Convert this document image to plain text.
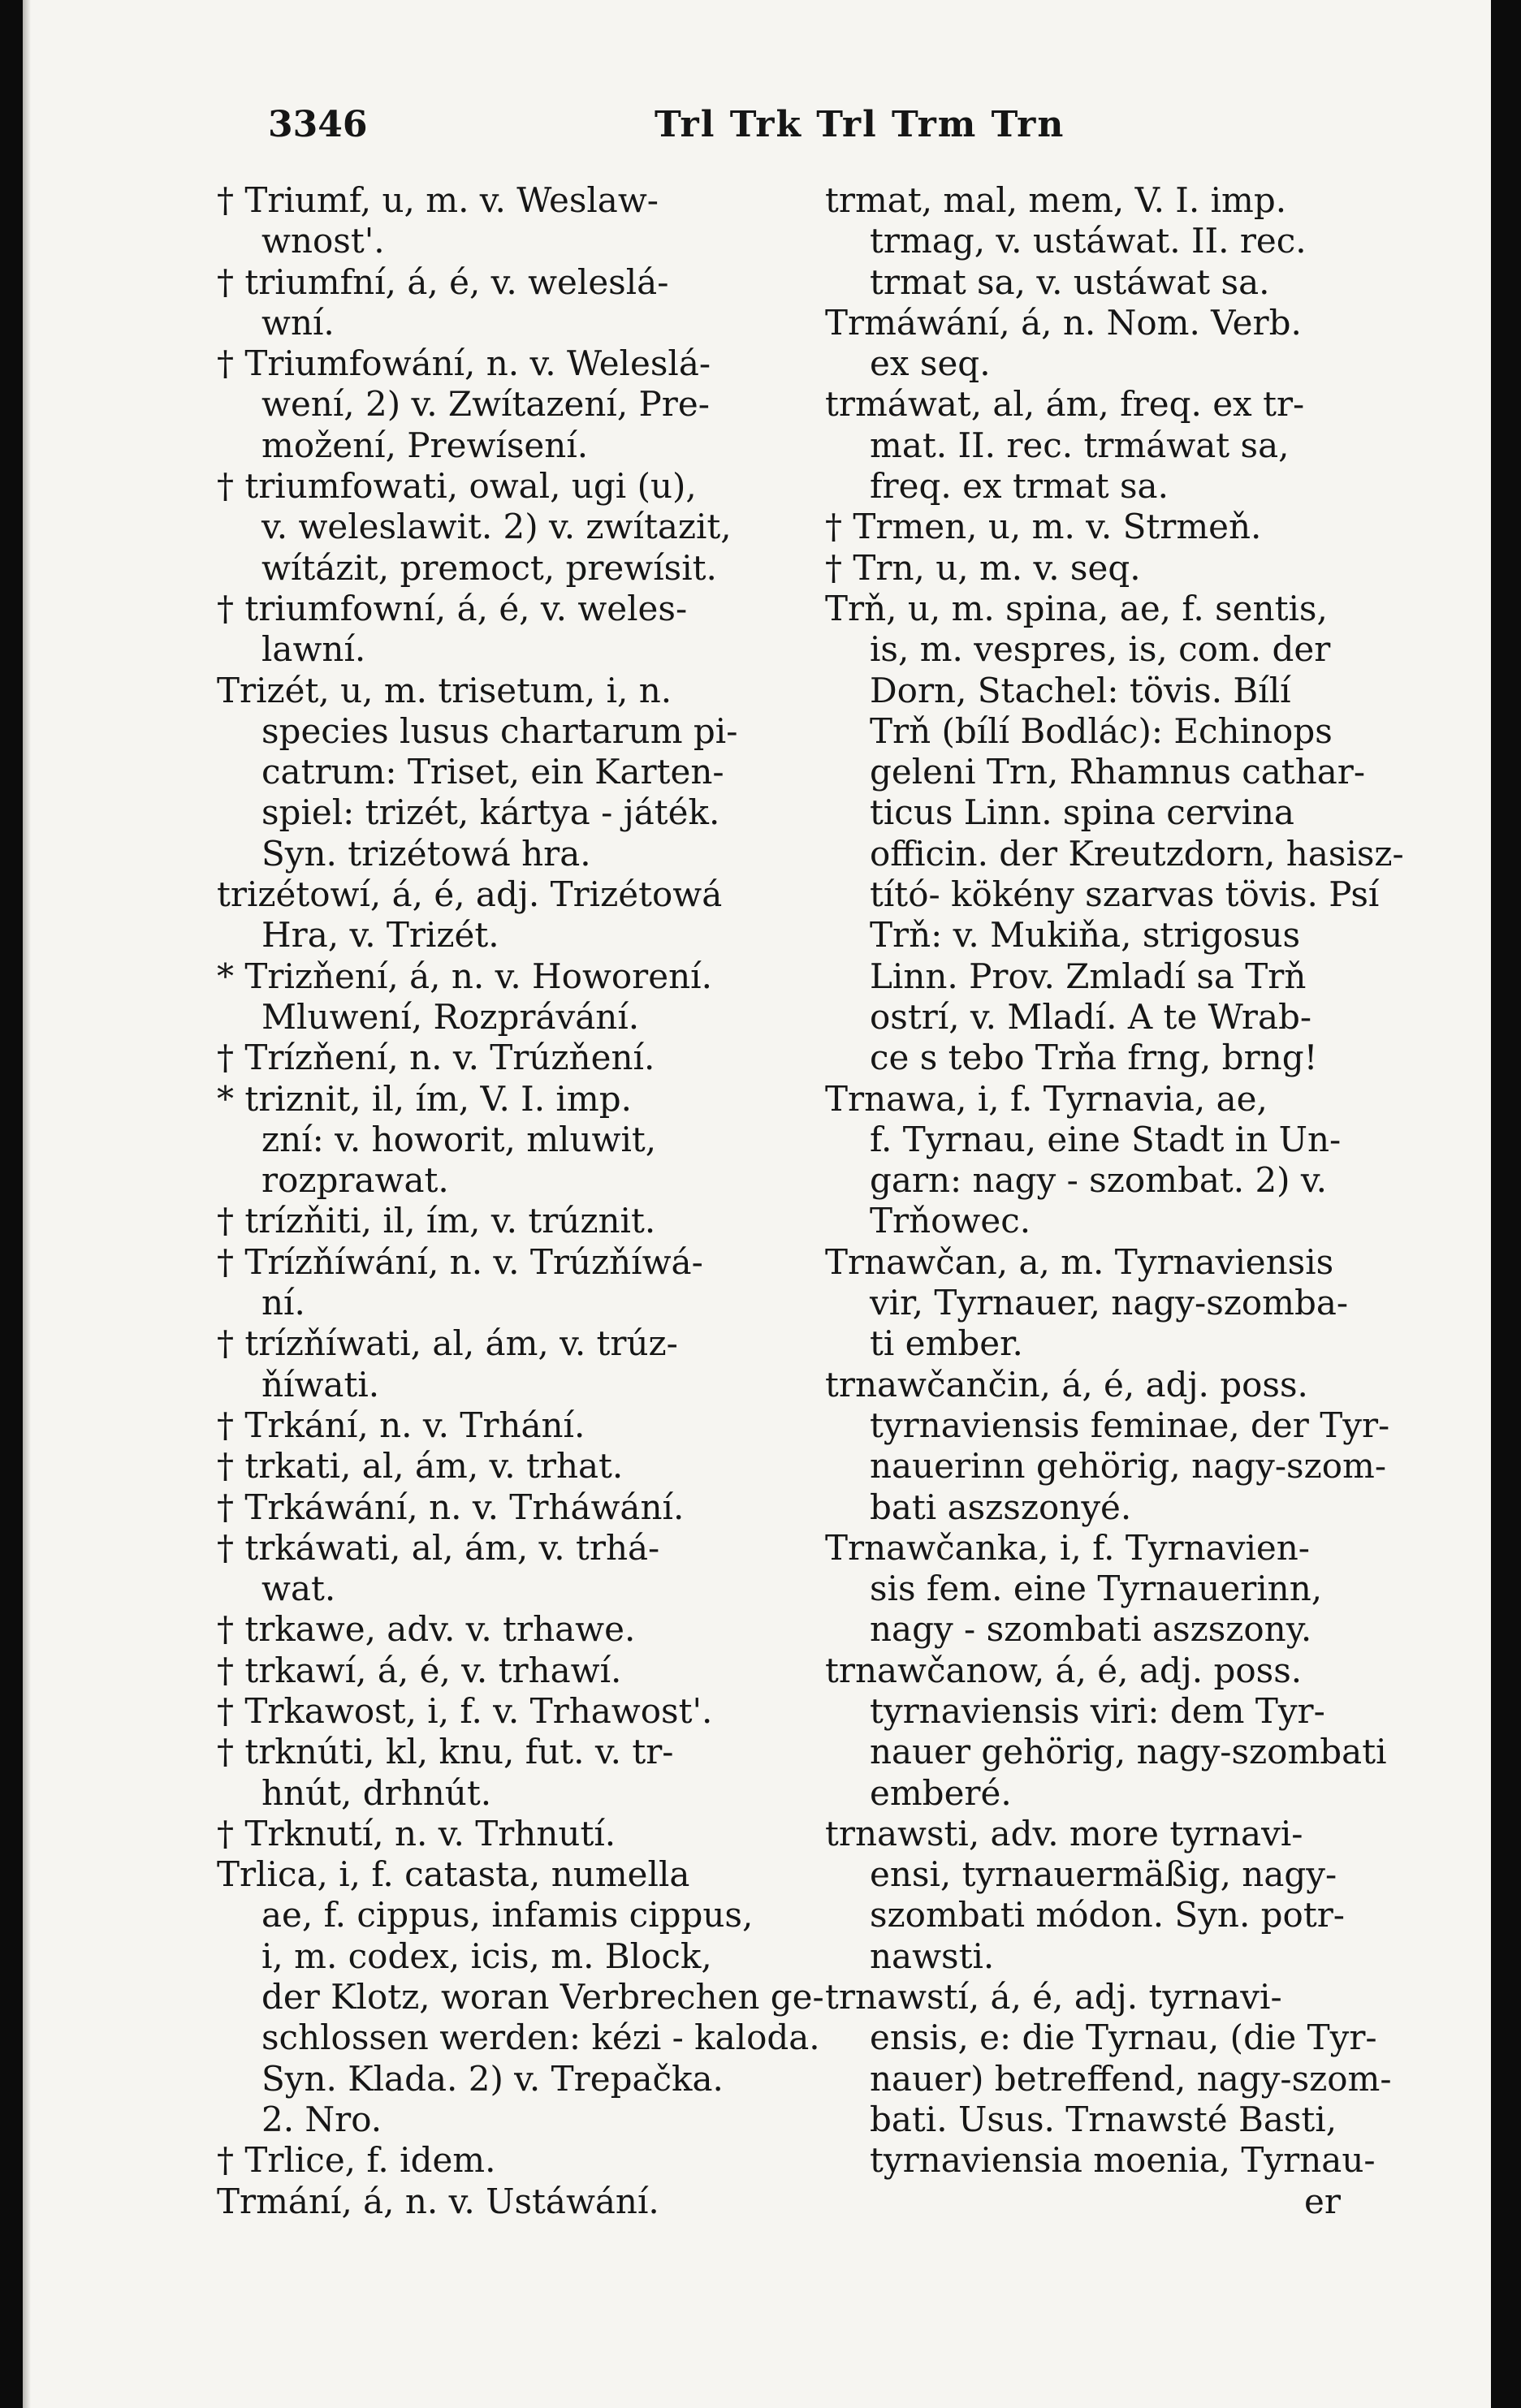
3346	Trl Trk Trl Trm Trn
† Triumf, u, m. v. Weslaw-
wnost'.
† triumfní, á, é, v. weleslá-
wní.
† Triumfowání, n. v. Weleslá-
wení, 2) v. Zwítazení, Pre-
možení, Prewísení.
† triumfowati, owal, ugi (u),
v. weleslawit. 2) v. zwítazit,
wítázit, premoct, prewísit.
† triumfowní, á, é, v. weles-
lawní.
Trizét, u, m. trisetum, i, n.
species lusus chartarum pi-
catrum: Triset, ein Karten-
spiel: trizét, kártya - játék.
Syn. trizétowá hra.
trizétowí, á, é, adj. Trizétowá
Hra, v. Trizét.
* Trizňení, á, n. v. Howorení.
Mluwení, Rozprávání.
† Trízňení, n. v. Trúzňení.
* triznit, il, ím, V. I. imp.
zní: v. howorit, mluwit,
rozprawat.
† trízňiti, il, ím, v. trúznit.
† Trízňíwání, n. v. Trúzňíwá-
ní.
† trízňíwati, al, ám, v. trúz-
ňíwati.
† Trkání, n. v. Trhání.
† trkati, al, ám, v. trhat.
† Trkáwání, n. v. Trháwání.
† trkáwati, al, ám, v. trhá-
wat.
† trkawe, adv. v. trhawe.
† trkawí, á, é, v. trhawí.
† Trkawost, i, f. v. Trhawost'.
† trknúti, kl, knu, fut. v. tr-
hnút, drhnút.
† Trknutí, n. v. Trhnutí.
Trlica, i, f. catasta, numella
ae, f. cippus, infamis cippus,
i, m. codex, icis, m. Block,
der Klotz, woran Verbrechen ge-
schlossen werden: kézi - kaloda.
Syn. Klada. 2) v. Trepačka.
2. Nro.
† Trlice, f. idem.
Trmání, á, n. v. Ustáwání.
trmat, mal, mem, V. I. imp.
trmag, v. ustáwat. II. rec.
trmat sa, v. ustáwat sa.
Trmáwání, á, n. Nom. Verb.
ex seq.
trmáwat, al, ám, freq. ex tr-
mat. II. rec. trmáwat sa,
freq. ex trmat sa.
† Trmen, u, m. v. Strmeň.
† Trn, u, m. v. seq.
Trň, u, m. spina, ae, f. sentis,
is, m. vespres, is, com. der
Dorn, Stachel: tövis. Bílí
Trň (bílí Bodlác): Echinops
geleni Trn, Rhamnus cathar-
ticus Linn. spina cervina
officin. der Kreutzdorn, hasisz-
tító- kökény szarvas tövis. Psí
Trň: v. Mukiňa, strigosus
Linn. Prov. Zmladí sa Trň
ostrí, v. Mladí. A te Wrab-
ce s tebo Trňa frng, brng!
Trnawa, i, f. Tyrnavia, ae,
f. Tyrnau, eine Stadt in Un-
garn: nagy - szombat. 2) v.
Trňowec.
Trnawčan, a, m. Tyrnaviensis
vir, Tyrnauer, nagy-szomba-
ti ember.
trnawčančin, á, é, adj. poss.
tyrnaviensis feminae, der Tyr-
nauerinn gehörig, nagy-szom-
bati aszszonyé.
Trnawčanka, i, f. Tyrnavien-
sis fem. eine Tyrnauerinn,
nagy - szombati aszszony.
trnawčanow, á, é, adj. poss.
tyrnaviensis viri: dem Tyr-
nauer gehörig, nagy-szombati
emberé.
trnawsti, adv. more tyrnavi-
ensi, tyrnauermäßig, nagy-
szombati módon. Syn. potr-
nawsti.
trnawstí, á, é, adj. tyrnavi-
ensis, e: die Tyrnau, (die Tyr-
nauer) betreffend, nagy-szom-
bati. Usus. Trnawsté Basti,
tyrnaviensia moenia, Tyrnau-
er
